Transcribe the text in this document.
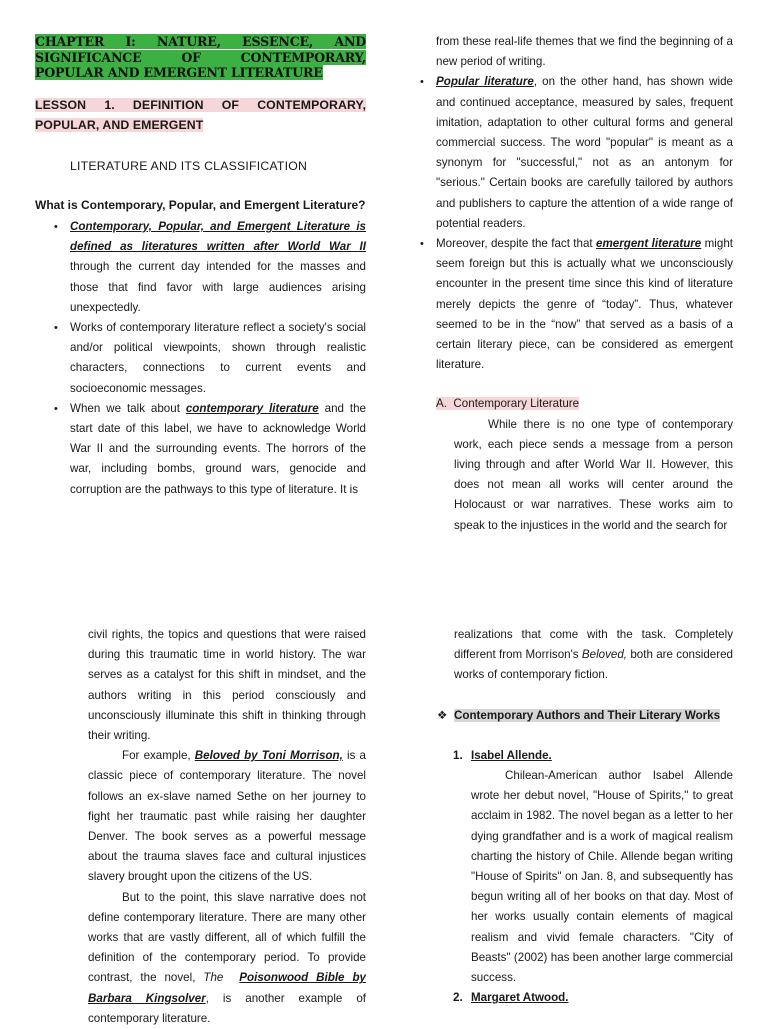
CHAPTER I: NATURE, ESSENCE, AND SIGNIFICANCE OF CONTEMPORARY, POPULAR AND EMERGENT LITERATURE
LESSON 1. DEFINITION OF CONTEMPORARY, POPULAR, AND EMERGENT
LITERATURE AND ITS CLASSIFICATION
What is Contemporary, Popular, and Emergent Literature?
• Contemporary, Popular, and Emergent Literature is defined as literatures written after World War II through the current day intended for the masses and those that find favor with large audiences arising unexpectedly.
• Works of contemporary literature reflect a society's social and/or political viewpoints, shown through realistic characters, connections to current events and socioeconomic messages.
• When we talk about contemporary literature and the start date of this label, we have to acknowledge World War II and the surrounding events. The horrors of the war, including bombs, ground wars, genocide and corruption are the pathways to this type of literature. It is

from these real-life themes that we find the beginning of a new period of writing.

• Popular literature, on the other hand, has shown wide and continued acceptance, measured by sales, frequent imitation, adaptation to other cultural forms and general commercial success. The word "popular" is meant as a synonym for "successful," not as an antonym for "serious." Certain books are carefully tailored by authors and publishers to capture the attention of a wide range of potential readers.
• Moreover, despite the fact that emergent literature might seem foreign but this is actually what we unconsciously encounter in the present time since this kind of literature merely depicts the genre of “today”. Thus, whatever seemed to be in the “now” that served as a basis of a certain literary piece, can be considered as emergent literature.
A. Contemporary Literature

While there is no one type of contemporary work, each piece sends a message from a person living through and after World War II. However, this does not mean all works will center around the Holocaust or war narratives. These works aim to speak to the injustices in the world and the search for

civil rights, the topics and questions that were raised during this traumatic time in world history. The war serves as a catalyst for this shift in mindset, and the authors writing in this period consciously and unconsciously illuminate this shift in thinking through their writing.

For example, Beloved by Toni Morrison, is a classic piece of contemporary literature. The novel follows an ex-slave named Sethe on her journey to fight her traumatic past while raising her daughter Denver. The book serves as a powerful message about the trauma slaves face and cultural injustices slavery brought upon the citizens of the US.

But to the point, this slave narrative does not define contemporary literature. There are many other works that are vastly different, all of which fulfill the definition of the contemporary period. To provide contrast, the novel, The Poisonwood Bible by Barbara Kingsolver, is another example of contemporary literature.

realizations that come with the task. Completely different from Morrison's Beloved, both are considered works of contemporary fiction.

❖ Contemporary Authors and Their Literary Works
1. Isabel Allende.

Chilean-American author Isabel Allende wrote her debut novel, "House of Spirits," to great acclaim in 1982. The novel began as a letter to her dying grandfather and is a work of magical realism charting the history of Chile. Allende began writing "House of Spirits" on Jan. 8, and subsequently has begun writing all of her books on that day. Most of her works usually contain elements of magical realism and vivid female characters. "City of Beasts" (2002) has been another large commercial success.

2. Margaret Atwood.
